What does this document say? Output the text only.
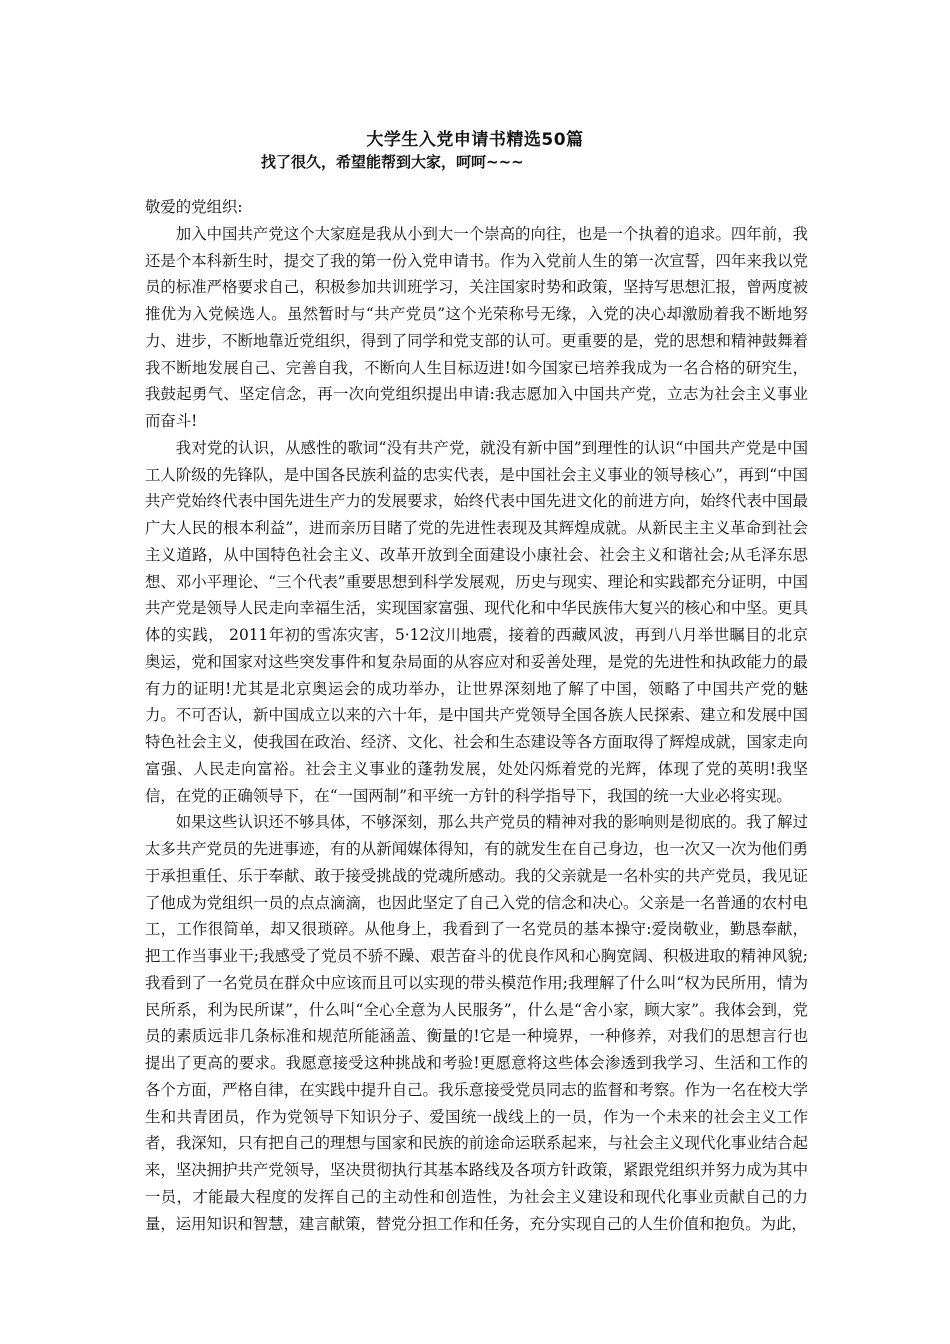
大学生入党申请书精选50篇
找了很久，希望能帮到大家，呵呵~~~

敬爱的党组织:

加入中国共产党这个大家庭是我从小到大一个崇高的向往，也是一个执着的追求。四年前，我还是个本科新生时，提交了我的第一份入党申请书。作为入党前人生的第一次宣誓，四年来我以党员的标准严格要求自己，积极参加共训班学习，关注国家时势和政策，坚持写思想汇报，曾两度被推优为入党候选人。虽然暂时与“共产党员”这个光荣称号无缘，入党的决心却激励着我不断地努力、进步，不断地靠近党组织，得到了同学和党支部的认可。更重要的是，党的思想和精神鼓舞着我不断地发展自己、完善自我，不断向人生目标迈进!如今国家已培养我成为一名合格的研究生，我鼓起勇气、坚定信念，再一次向党组织提出申请:我志愿加入中国共产党，立志为社会主义事业而奋斗!

我对党的认识，从感性的歌词“没有共产党，就没有新中国”到理性的认识“中国共产党是中国工人阶级的先锋队，是中国各民族利益的忠实代表，是中国社会主义事业的领导核心”，再到“中国共产党始终代表中国先进生产力的发展要求，始终代表中国先进文化的前进方向，始终代表中国最广大人民的根本利益”，进而亲历目睹了党的先进性表现及其辉煌成就。从新民主主义革命到社会主义道路，从中国特色社会主义、改革开放到全面建设小康社会、社会主义和谐社会;从毛泽东思想、邓小平理论、“三个代表”重要思想到科学发展观，历史与现实、理论和实践都充分证明，中国共产党是领导人民走向幸福生活，实现国家富强、现代化和中华民族伟大复兴的核心和中坚。更具体的实践， 2011年初的雪冻灾害，5·12汶川地震，接着的西藏风波，再到八月举世瞩目的北京奥运，党和国家对这些突发事件和复杂局面的从容应对和妥善处理，是党的先进性和执政能力的最有力的证明!尤其是北京奥运会的成功举办，让世界深刻地了解了中国，领略了中国共产党的魅力。不可否认，新中国成立以来的六十年，是中国共产党领导全国各族人民探索、建立和发展中国特色社会主义，使我国在政治、经济、文化、社会和生态建设等各方面取得了辉煌成就，国家走向富强、人民走向富裕。社会主义事业的蓬勃发展，处处闪烁着党的光辉，体现了党的英明!我坚信，在党的正确领导下，在“一国两制”和平统一方针的科学指导下，我国的统一大业必将实现。

如果这些认识还不够具体，不够深刻，那么共产党员的精神对我的影响则是彻底的。我了解过太多共产党员的先进事迹，有的从新闻媒体得知，有的就发生在自己身边，也一次又一次为他们勇于承担重任、乐于奉献、敢于接受挑战的党魂所感动。我的父亲就是一名朴实的共产党员，我见证了他成为党组织一员的点点滴滴，也因此坚定了自己入党的信念和决心。父亲是一名普通的农村电工，工作很简单，却又很琐碎。从他身上，我看到了一名党员的基本操守:爱岗敬业，勤恳奉献，把工作当事业干;我感受了党员不骄不躁、艰苦奋斗的优良作风和心胸宽阔、积极进取的精神风貌;我看到了一名党员在群众中应该而且可以实现的带头模范作用;我理解了什么叫“权为民所用，情为民所系，利为民所谋”，什么叫“全心全意为人民服务”，什么是“舍小家，顾大家”。我体会到，党员的素质远非几条标准和规范所能涵盖、衡量的!它是一种境界，一种修养，对我们的思想言行也提出了更高的要求。我愿意接受这种挑战和考验!更愿意将这些体会渗透到我学习、生活和工作的各个方面，严格自律，在实践中提升自己。我乐意接受党员同志的监督和考察。作为一名在校大学生和共青团员，作为党领导下知识分子、爱国统一战线上的一员，作为一个未来的社会主义工作者，我深知，只有把自己的理想与国家和民族的前途命运联系起来，与社会主义现代化事业结合起来，坚决拥护共产党领导，坚决贯彻执行其基本路线及各项方针政策，紧跟党组织并努力成为其中一员，才能最大程度的发挥自己的主动性和创造性，为社会主义建设和现代化事业贡献自己的力量，运用知识和智慧，建言献策，替党分担工作和任务，充分实现自己的人生价值和抱负。为此，
